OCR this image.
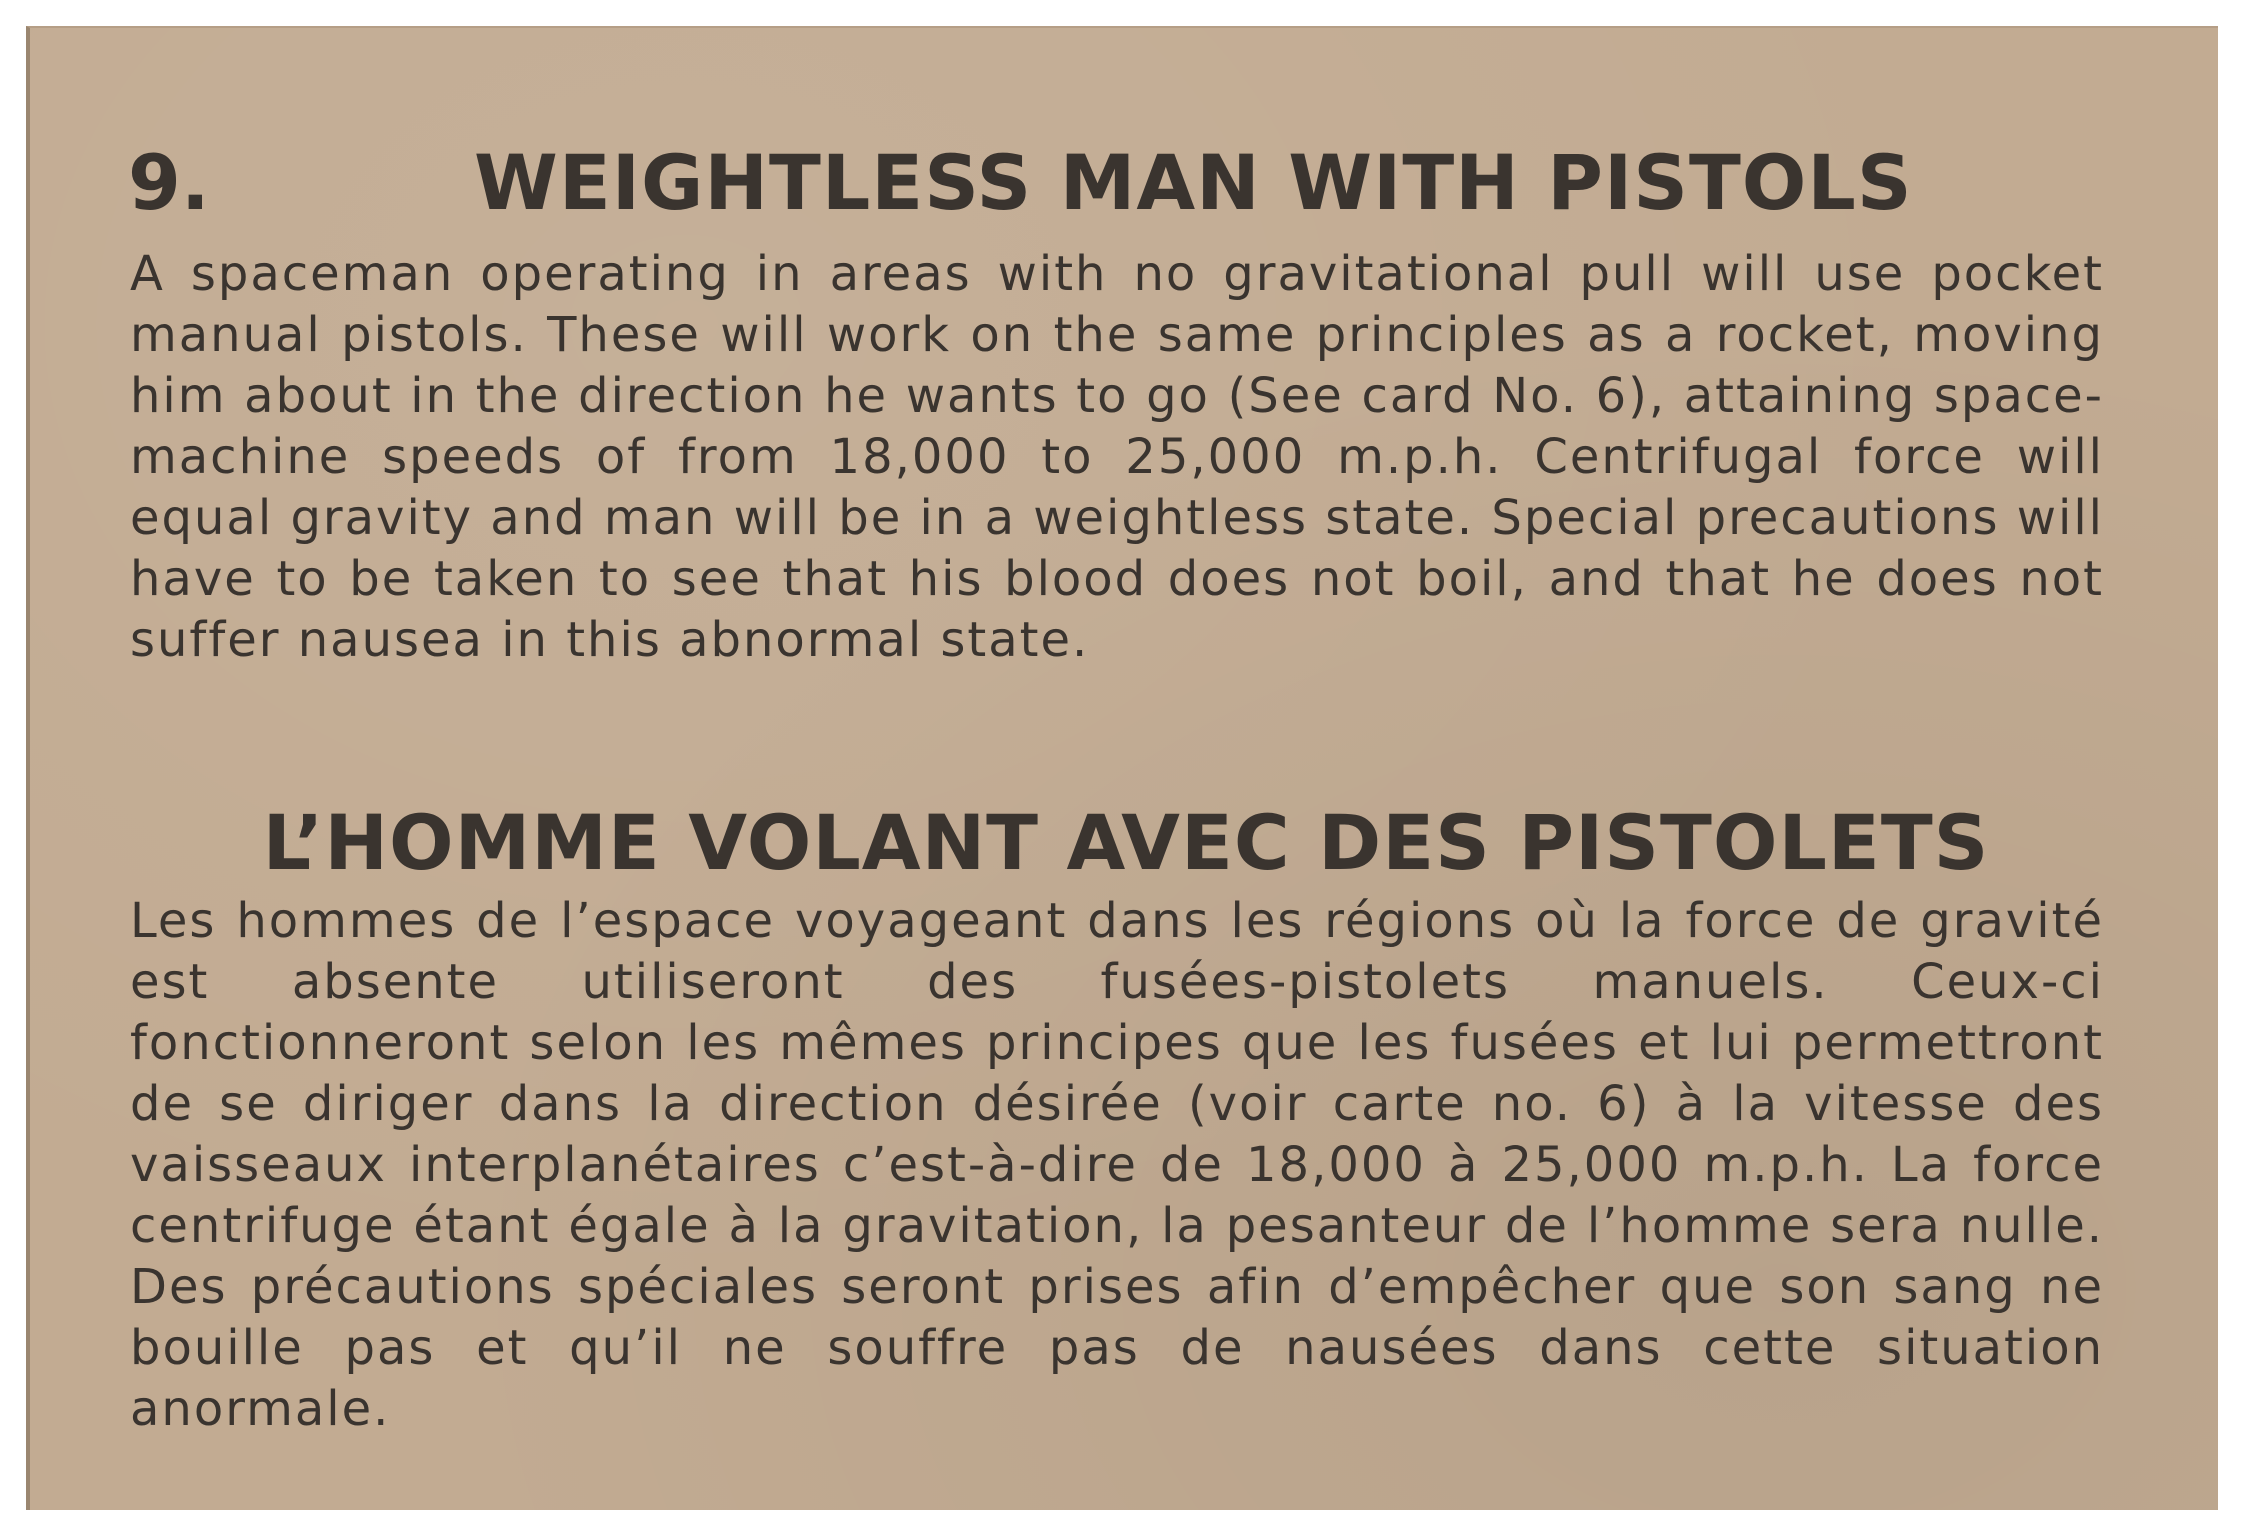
9.	WEIGHTLESS MAN WITH PISTOLS

A spaceman operating in areas with no gravitational pull will use pocket manual pistols. These will work on the same principles as a rocket, moving him about in the direction he wants to go (See card No. 6), attaining space-machine speeds of from 18,000 to 25,000 m.p.h. Centrifugal force will equal gravity and man will be in a weightless state. Special precautions will have to be taken to see that his blood does not boil, and that he does not suffer nausea in this abnormal state.

L’HOMME VOLANT AVEC DES PISTOLETS

Les hommes de l’espace voyageant dans les régions où la force de gravité est absente utiliseront des fusées-pistolets manuels. Ceux-ci fonctionneront selon les mêmes principes que les fusées et lui permettront de se diriger dans la direction désirée (voir carte no. 6) à la vitesse des vaisseaux interplanétaires c’est-à-dire de 18,000 à 25,000 m.p.h. La force centrifuge étant égale à la gravitation, la pesanteur de l’homme sera nulle. Des précautions spéciales seront prises afin d’empêcher que son sang ne bouille pas et qu’il ne souffre pas de nausées dans cette situation anormale.
